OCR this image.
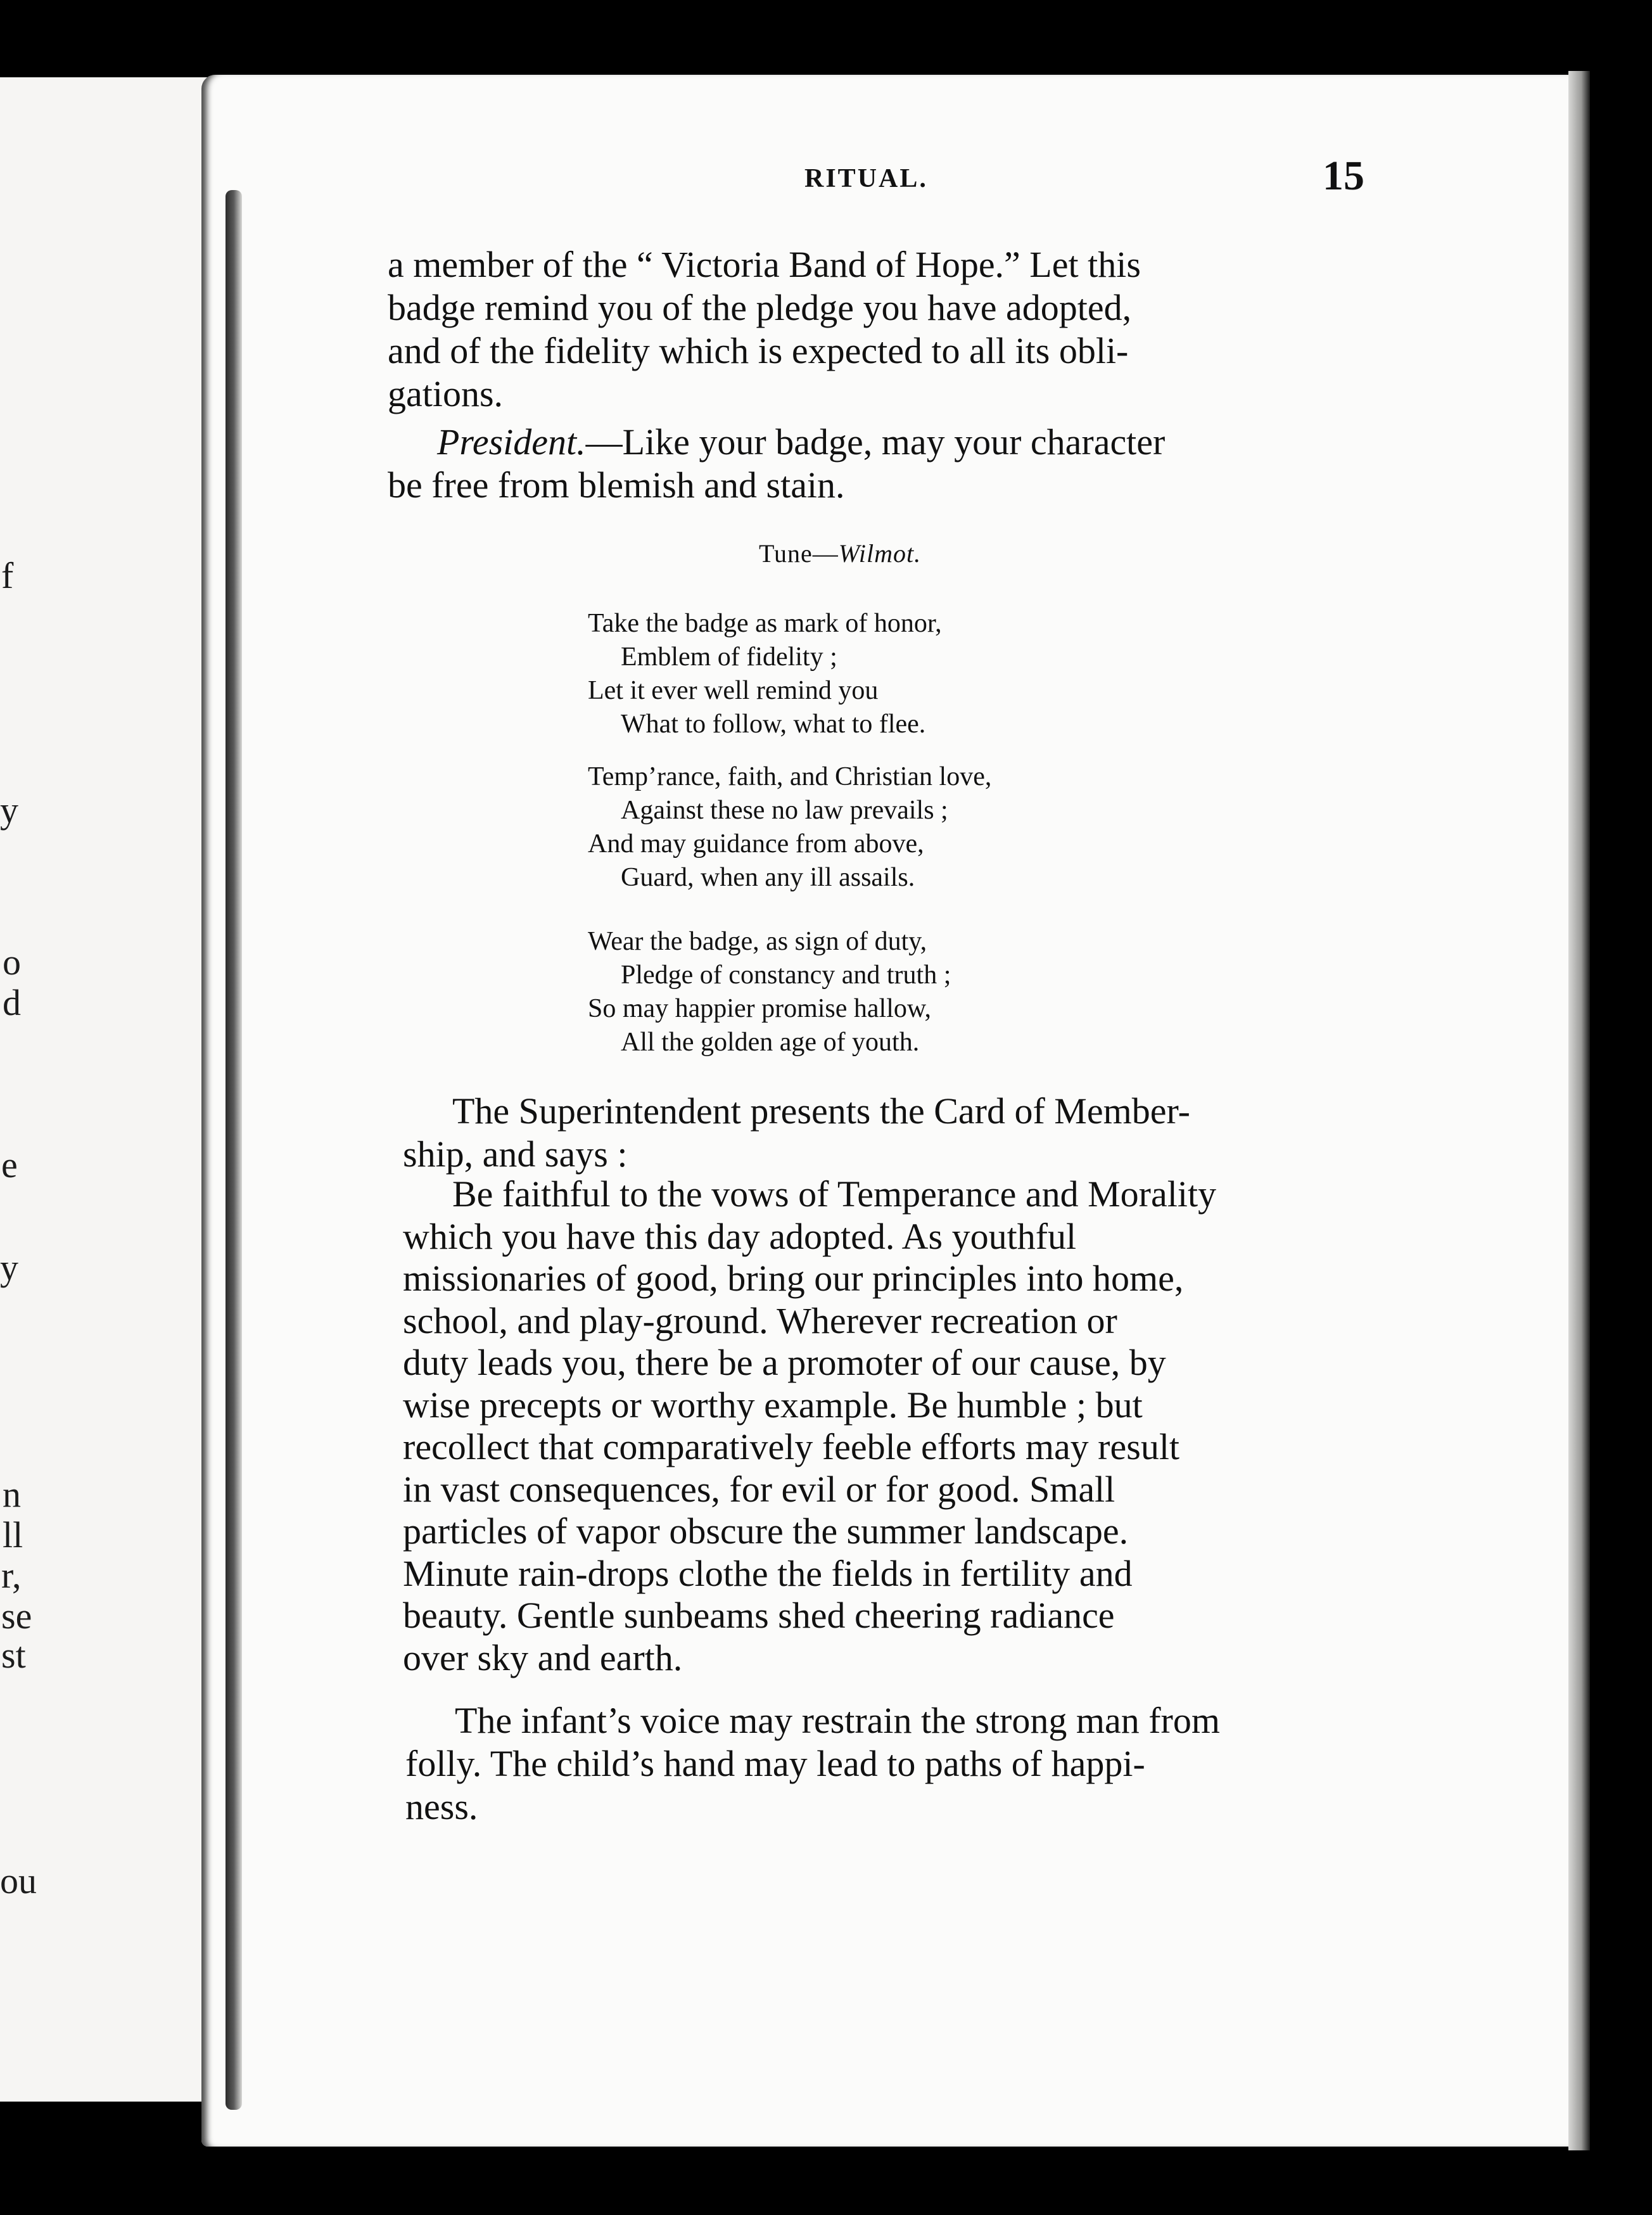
f
y
o
d
e
y
n
ll
r,
se
st
ou
RITUAL.	15

a member of the “ Victoria Band of Hope.” Let this

badge remind you of the pledge you have adopted,

and of the fidelity which is expected to all its obli-

gations.

President.—Like your badge, may your character

be free from blemish and stain.

Tune—Wilmot.
Take the badge as mark of honor,
Emblem of fidelity ;
Let it ever well remind you
What to follow, what to flee.
Temp’rance, faith, and Christian love,
Against these no law prevails ;
And may guidance from above,
Guard, when any ill assails.
Wear the badge, as sign of duty,
Pledge of constancy and truth ;
So may happier promise hallow,
All the golden age of youth.

The Superintendent presents the Card of Member-

ship, and says :

Be faithful to the vows of Temperance and Morality

which you have this day adopted. As youthful

missionaries of good, bring our principles into home,

school, and play-ground. Wherever recreation or

duty leads you, there be a promoter of our cause, by

wise precepts or worthy example. Be humble ; but

recollect that comparatively feeble efforts may result

in vast consequences, for evil or for good. Small

particles of vapor obscure the summer landscape.

Minute rain-drops clothe the fields in fertility and

beauty. Gentle sunbeams shed cheering radiance

over sky and earth.

The infant’s voice may restrain the strong man from

folly. The child’s hand may lead to paths of happi-

ness.
